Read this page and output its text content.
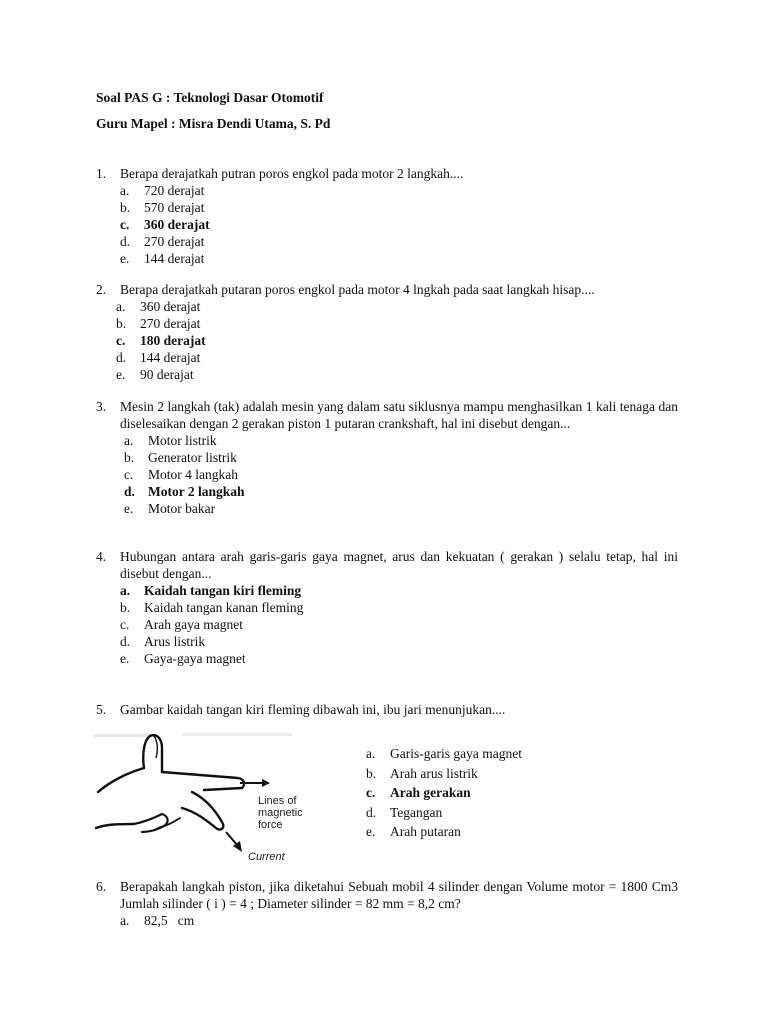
Soal PAS G : Teknologi Dasar Otomotif
Guru Mapel : Misra Dendi Utama, S. Pd
1.	Berapa derajatkah putran poros engkol pada motor 2 langkah....
a. 720 derajat
b. 570 derajat
c. 360 derajat
d. 270 derajat
e. 144 derajat
2.	Berapa derajatkah putaran poros engkol pada motor 4 lngkah pada saat langkah hisap....
a. 360 derajat
b. 270 derajat
c. 180 derajat
d. 144 derajat
e. 90 derajat
3.	Mesin 2 langkah (tak) adalah mesin yang dalam satu siklusnya mampu menghasilkan 1 kali tenaga dan diselesaikan dengan 2 gerakan piston 1 putaran crankshaft, hal ini disebut dengan...
a. Motor listrik
b. Generator listrik
c. Motor 4 langkah
d. Motor 2 langkah
e. Motor bakar
4.	Hubungan antara arah garis-garis gaya magnet, arus dan kekuatan ( gerakan ) selalu tetap, hal ini disebut dengan...
a. Kaidah tangan kiri fleming
b. Kaidah tangan kanan fleming
c. Arah gaya magnet
d. Arus listrik
e. Gaya-gaya magnet
5.	Gambar kaidah tangan kiri fleming dibawah ini, ibu jari menunjukan....
Lines of
magnetic
force
Current
a. Garis-garis gaya magnet
b. Arah arus listrik
c. Arah gerakan
d. Tegangan
e. Arah putaran
6.	Berapakah langkah piston, jika diketahui Sebuah mobil 4 silinder dengan Volume motor = 1800 Cm3 Jumlah silinder ( i ) = 4 ; Diameter silinder = 82 mm = 8,2 cm?
a. 82,5   cm
